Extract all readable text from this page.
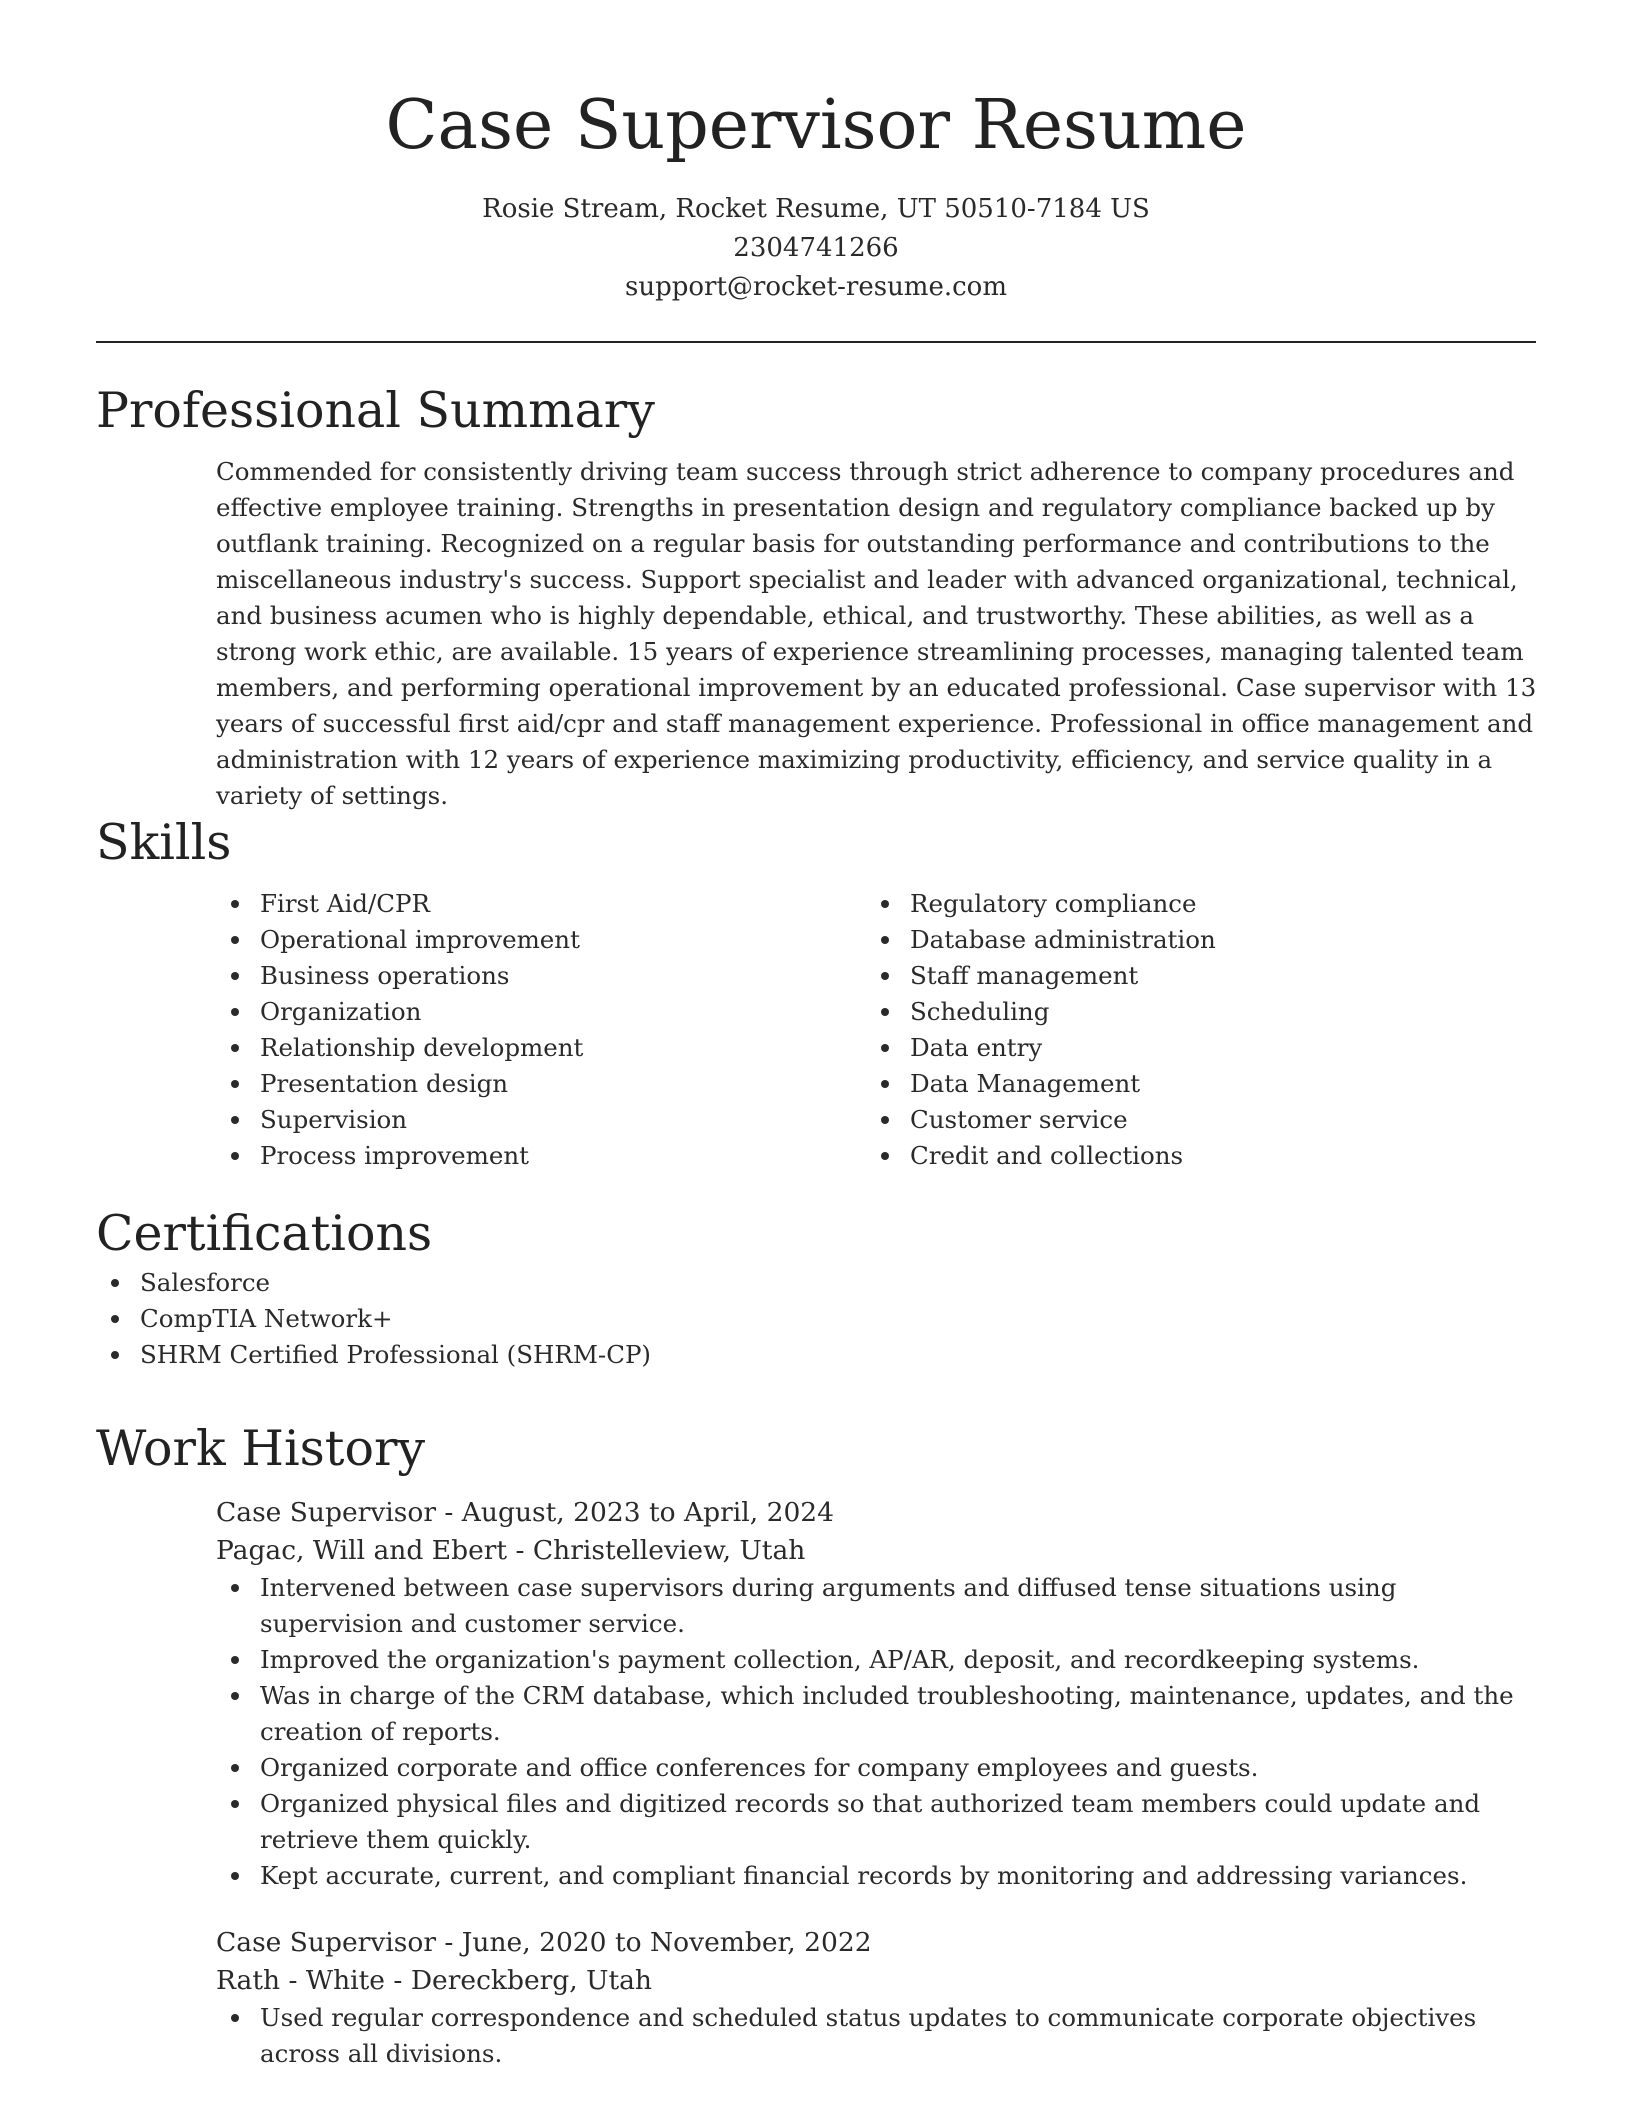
Case Supervisor Resume
Rosie Stream, Rocket Resume, UT 50510-7184 US
2304741266
support@rocket-resume.com
Professional Summary

Commended for consistently driving team success through strict adherence to company procedures and effective employee training. Strengths in presentation design and regulatory compliance backed up by outflank training. Recognized on a regular basis for outstanding performance and contributions to the miscellaneous industry's success. Support specialist and leader with advanced organizational, technical, and business acumen who is highly dependable, ethical, and trustworthy. These abilities, as well as a strong work ethic, are available. 15 years of experience streamlining processes, managing talented team members, and performing operational improvement by an educated professional. Case supervisor with 13 years of successful first aid/cpr and staff management experience. Professional in office management and administration with 12 years of experience maximizing productivity, efficiency, and service quality in a variety of settings.

Skills
First Aid/CPR
Operational improvement
Business operations
Organization
Relationship development
Presentation design
Supervision
Process improvement
Regulatory compliance
Database administration
Staff management
Scheduling
Data entry
Data Management
Customer service
Credit and collections
Certifications
Salesforce
CompTIA Network+
SHRM Certified Professional (SHRM-CP)
Work History
Case Supervisor - August, 2023 to April, 2024
Pagac, Will and Ebert - Christelleview, Utah
Intervened between case supervisors during arguments and diffused tense situations using supervision and customer service.
Improved the organization's payment collection, AP/AR, deposit, and recordkeeping systems.
Was in charge of the CRM database, which included troubleshooting, maintenance, updates, and the creation of reports.
Organized corporate and office conferences for company employees and guests.
Organized physical files and digitized records so that authorized team members could update and retrieve them quickly.
Kept accurate, current, and compliant financial records by monitoring and addressing variances.
Case Supervisor - June, 2020 to November, 2022
Rath - White - Dereckberg, Utah
Used regular correspondence and scheduled status updates to communicate corporate objectives across all divisions.
